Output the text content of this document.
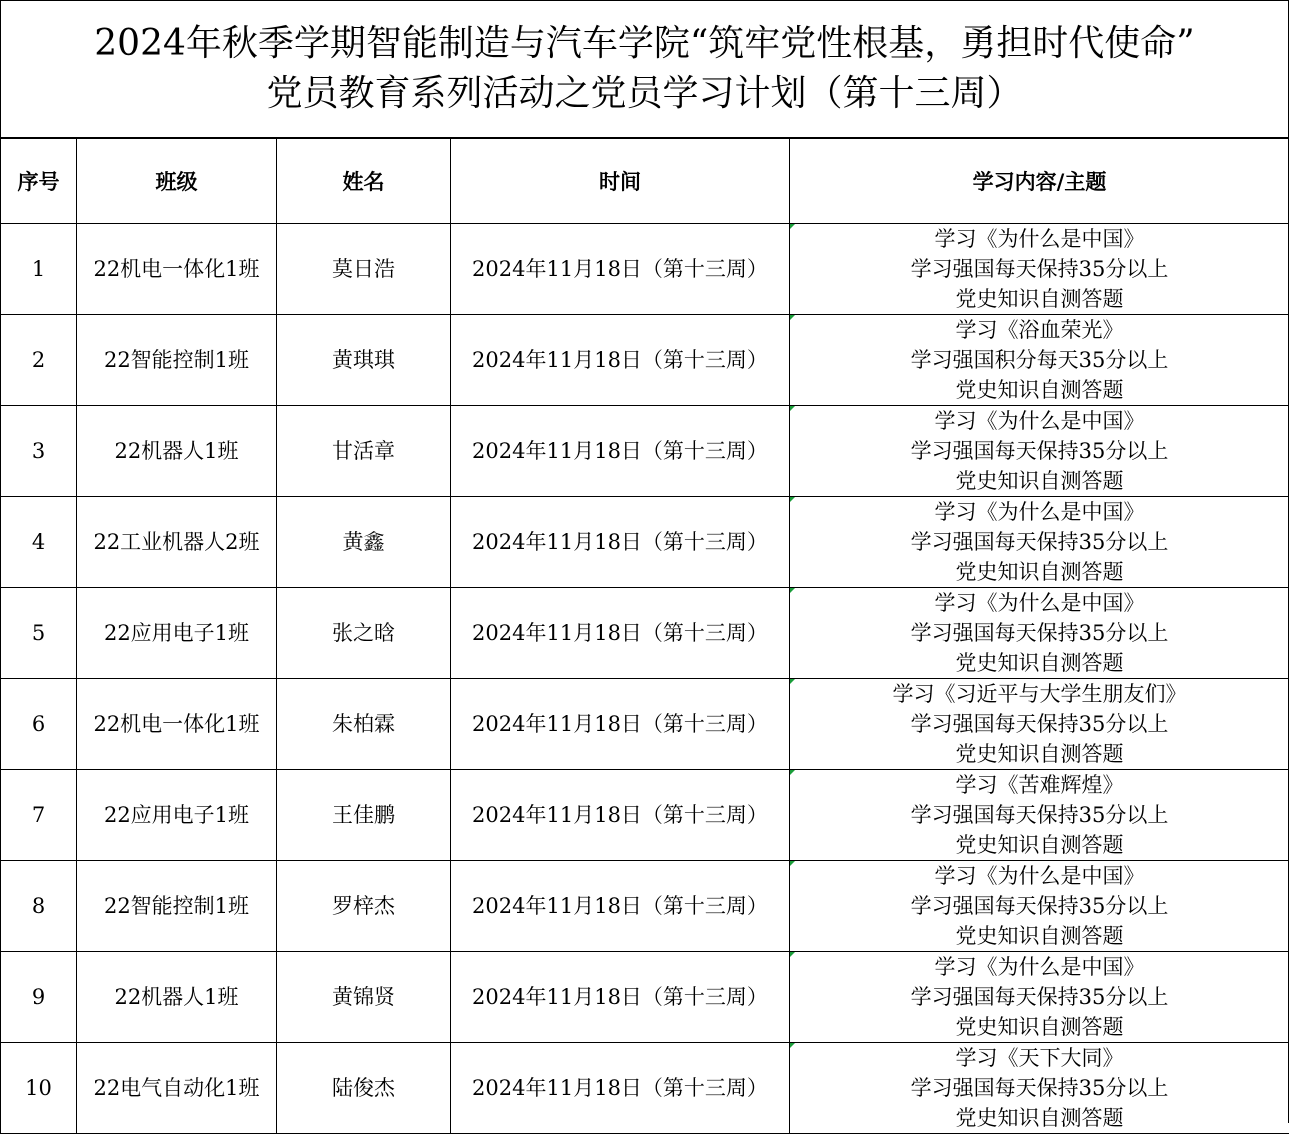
2024年秋季学期智能制造与汽车学院“筑牢党性根基，勇担时代使命”
党员教育系列活动之党员学习计划（第十三周）
序号	班级	姓名	时间	学习内容/主题
1	22机电一体化1班	莫日浩	2024年11月18日（第十三周）	学习《为什么是中国》
学习强国每天保持35分以上
党史知识自测答题

2	22智能控制1班	黄琪琪	2024年11月18日（第十三周）	学习《浴血荣光》
学习强国积分每天35分以上
党史知识自测答题

3	22机器人1班	甘活章	2024年11月18日（第十三周）	学习《为什么是中国》
学习强国每天保持35分以上
党史知识自测答题

4	22工业机器人2班	黄鑫	2024年11月18日（第十三周）	学习《为什么是中国》
学习强国每天保持35分以上
党史知识自测答题

5	22应用电子1班	张之晗	2024年11月18日（第十三周）	学习《为什么是中国》
学习强国每天保持35分以上
党史知识自测答题

6	22机电一体化1班	朱柏霖	2024年11月18日（第十三周）	学习《习近平与大学生朋友们》
学习强国每天保持35分以上
党史知识自测答题

7	22应用电子1班	王佳鹏	2024年11月18日（第十三周）	学习《苦难辉煌》
学习强国每天保持35分以上
党史知识自测答题

8	22智能控制1班	罗梓杰	2024年11月18日（第十三周）	学习《为什么是中国》
学习强国每天保持35分以上
党史知识自测答题

9	22机器人1班	黄锦贤	2024年11月18日（第十三周）	学习《为什么是中国》
学习强国每天保持35分以上
党史知识自测答题

10	22电气自动化1班	陆俊杰	2024年11月18日（第十三周）	学习《天下大同》
学习强国每天保持35分以上
党史知识自测答题
